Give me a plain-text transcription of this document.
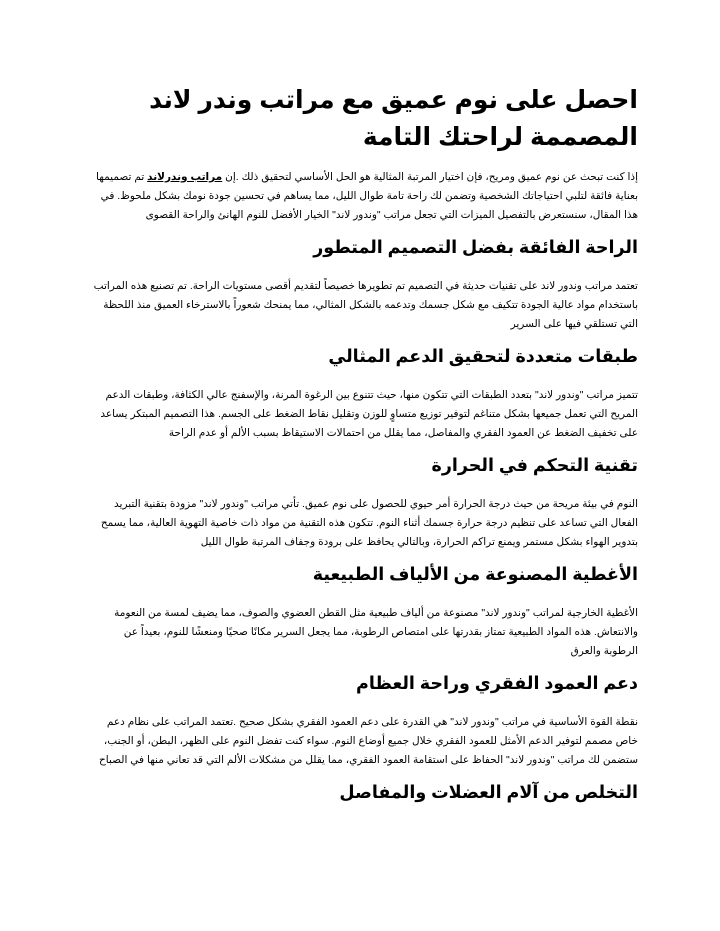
احصل على نوم عميق مع مراتب وندر لاند المصممة لراحتك التامة

إذا كنت تبحث عن نوم عميق ومريح، فإن اختيار المرتبة المثالية هو الحل الأساسي لتحقيق ذلك .إن مراتب وندرلاند تم تصميمها بعناية فائقة لتلبي احتياجاتك الشخصية وتضمن لك راحة تامة طوال الليل، مما يساهم في تحسين جودة نومك بشكل ملحوظ. في هذا المقال، سنستعرض بالتفصيل الميزات التي تجعل مراتب "وندور لاند" الخيار الأفضل للنوم الهانئ والراحة القصوى

الراحة الفائقة بفضل التصميم المتطور

تعتمد مراتب وندور لاند على تقنيات حديثة في التصميم تم تطويرها خصيصاً لتقديم أقصى مستويات الراحة. تم تصنيع هذه المراتب باستخدام مواد عالية الجودة تتكيف مع شكل جسمك وتدعمه بالشكل المثالي، مما يمنحك شعوراً بالاسترخاء العميق منذ اللحظة التي تستلقي فيها على السرير

طبقات متعددة لتحقيق الدعم المثالي

تتميز مراتب "وندور لاند" بتعدد الطبقات التي تتكون منها، حيث تتنوع بين الرغوة المرنة، والإسفنج عالي الكثافة، وطبقات الدعم المريح التي تعمل جميعها بشكل متناغم لتوفير توزيع متساوٍ للوزن وتقليل نقاط الضغط على الجسم. هذا التصميم المبتكر يساعد على تخفيف الضغط عن العمود الفقري والمفاصل، مما يقلل من احتمالات الاستيقاظ بسبب الألم أو عدم الراحة

تقنية التحكم في الحرارة

النوم في بيئة مريحة من حيث درجة الحرارة أمر حيوي للحصول على نوم عميق. تأتي مراتب "وندور لاند" مزودة بتقنية التبريد الفعال التي تساعد على تنظيم درجة حرارة جسمك أثناء النوم. تتكون هذه التقنية من مواد ذات خاصية التهوية العالية، مما يسمح بتدوير الهواء بشكل مستمر ويمنع تراكم الحرارة، وبالتالي يحافظ على برودة وجفاف المرتبة طوال الليل

الأغطية المصنوعة من الألياف الطبيعية

الأغطية الخارجية لمراتب "وندور لاند" مصنوعة من ألياف طبيعية مثل القطن العضوي والصوف، مما يضيف لمسة من النعومة والانتعاش. هذه المواد الطبيعية تمتاز بقدرتها على امتصاص الرطوبة، مما يجعل السرير مكانًا صحيًا ومنعشًا للنوم، بعيداً عن الرطوبة والعرق

دعم العمود الفقري وراحة العظام

نقطة القوة الأساسية في مراتب "وندور لاند" هي القدرة على دعم العمود الفقري بشكل صحيح .تعتمد المراتب على نظام دعم خاص مصمم لتوفير الدعم الأمثل للعمود الفقري خلال جميع أوضاع النوم. سواء كنت تفضل النوم على الظهر، البطن، أو الجنب، ستضمن لك مراتب "وندور لاند" الحفاظ على استقامة العمود الفقري، مما يقلل من مشكلات الألم التي قد تعاني منها في الصباح

التخلص من آلام العضلات والمفاصل
